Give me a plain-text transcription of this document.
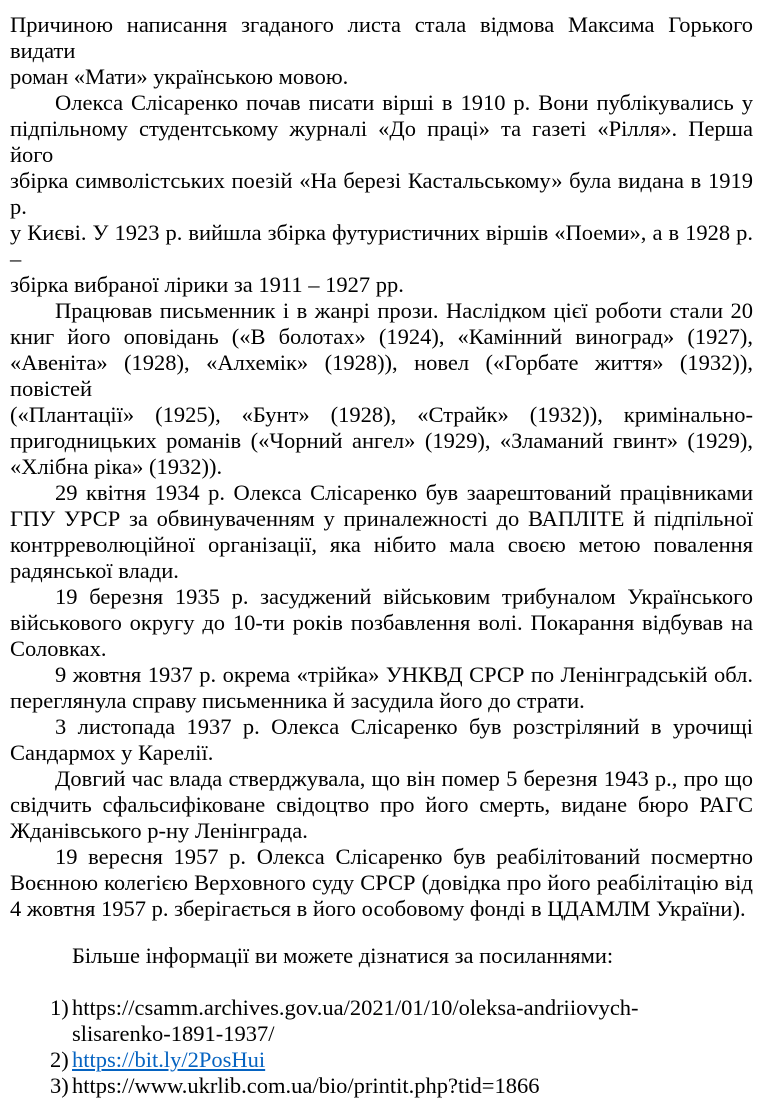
Причиною написання згаданого листа стала відмова Максима Горького видати
роман «Мати» українською мовою.
Олекса Слісаренко почав писати вірші в 1910 р. Вони публікувались у
підпільному студентському журналі «До праці» та газеті «Рілля». Перша його
збірка символістських поезій «На березі Кастальському» була видана в 1919 р.
у Києві. У 1923 р. вийшла збірка футуристичних віршів «Поеми», а в 1928 р. –
збірка вибраної лірики за 1911 – 1927 рр.
Працював письменник і в жанрі прози. Наслідком цієї роботи стали 20
книг його оповідань («В болотах» (1924), «Камінний виноград» (1927),
«Авеніта» (1928), «Алхемік» (1928)), новел («Горбате життя» (1932)), повістей
(«Плантації» (1925), «Бунт» (1928), «Страйк» (1932)), кримінально-
пригодницьких романів («Чорний ангел» (1929), «Зламаний гвинт» (1929),
«Хлібна ріка» (1932)).
29 квітня 1934 р. Олекса Слісаренко був заарештований працівниками
ГПУ УРСР за обвинуваченням у приналежності до ВАПЛІТЕ й підпільної
контрреволюційної організації, яка нібито мала своєю метою повалення
радянської влади.
19 березня 1935 р. засуджений військовим трибуналом Українського
військового округу до 10-ти років позбавлення волі. Покарання відбував на
Соловках.
9 жовтня 1937 р. окрема «трійка» УНКВД СРСР по Ленінградській обл.
переглянула справу письменника й засудила його до страти.
3 листопада 1937 р. Олекса Слісаренко був розстріляний в урочищі
Сандармох у Карелії.
Довгий час влада стверджувала, що він помер 5 березня 1943 р., про що
свідчить сфальсифіковане свідоцтво про його смерть, видане бюро РАГС
Жданівського р-ну Ленінграда.
19 вересня 1957 р. Олекса Слісаренко був реабілітований посмертно
Воєнною колегією Верховного суду СРСР (довідка про його реабілітацію від
4 жовтня 1957 р. зберігається в його особовому фонді в ЦДАМЛМ України).
Більше інформації ви можете дізнатися за посиланнями:
1) https://csamm.archives.gov.ua/2021/01/10/oleksa-andriiovych-
slisarenko-1891-1937/
2) https://bit.ly/2PosHui
3) https://www.ukrlib.com.ua/bio/printit.php?tid=1866
